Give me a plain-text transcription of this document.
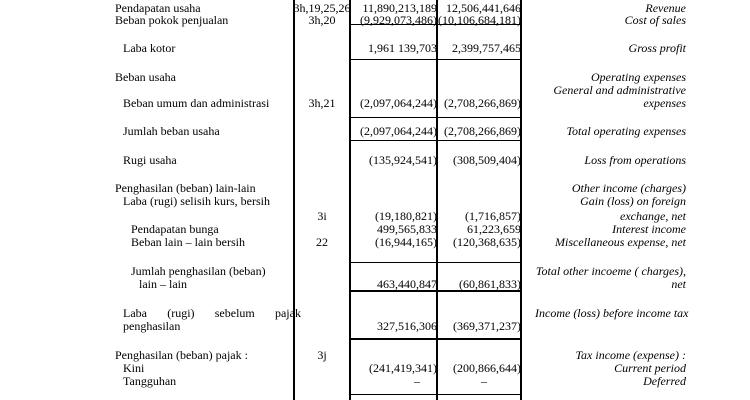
Pendapatan usaha	3h,19,25,26 11,890,213,189 12,506,441,646	Revenue
Beban pokok penjualan	3h,20	(9,929,073,486) (10,106,684,181)	Cost of sales
Laba kotor	1,961 139,703	2,399,757,465	Gross profit
Beban usaha	Operating expenses
General and administrative
Beban umum dan administrasi	3h,21	(2,097,064,244) (2,708,266,869)	expenses
Jumlah beban usaha	(2,097,064,244) (2,708,266,869)	Total operating expenses
Rugi usaha	(135,924,541)	(308,509,404)	Loss from operations
Penghasilan (beban) lain-lain	Other income (charges)
Laba (rugi) selisih kurs, bersih	Gain (loss) on foreign
3i	(19,180,821)	(1,716,857)	exchange, net
Pendapatan bunga	499,565,833	61,223,659	Interest income
Beban lain – lain bersih	22	(16,944,165)	(120,368,635)	Miscellaneous expense, net
Jumlah penghasilan (beban)	Total other incoeme ( charges),
lain – lain	463,440,847	(60,861,833)	net
Laba (rugi) sebelum pajak	Income (loss) before income tax
penghasilan	327,516,306	(369,371,237)
Penghasilan (beban) pajak :	3j	Tax income (expense) :
Kini	(241,419,341)	(200,866,644)	Current period
Tangguhan	–	–	Deferred
